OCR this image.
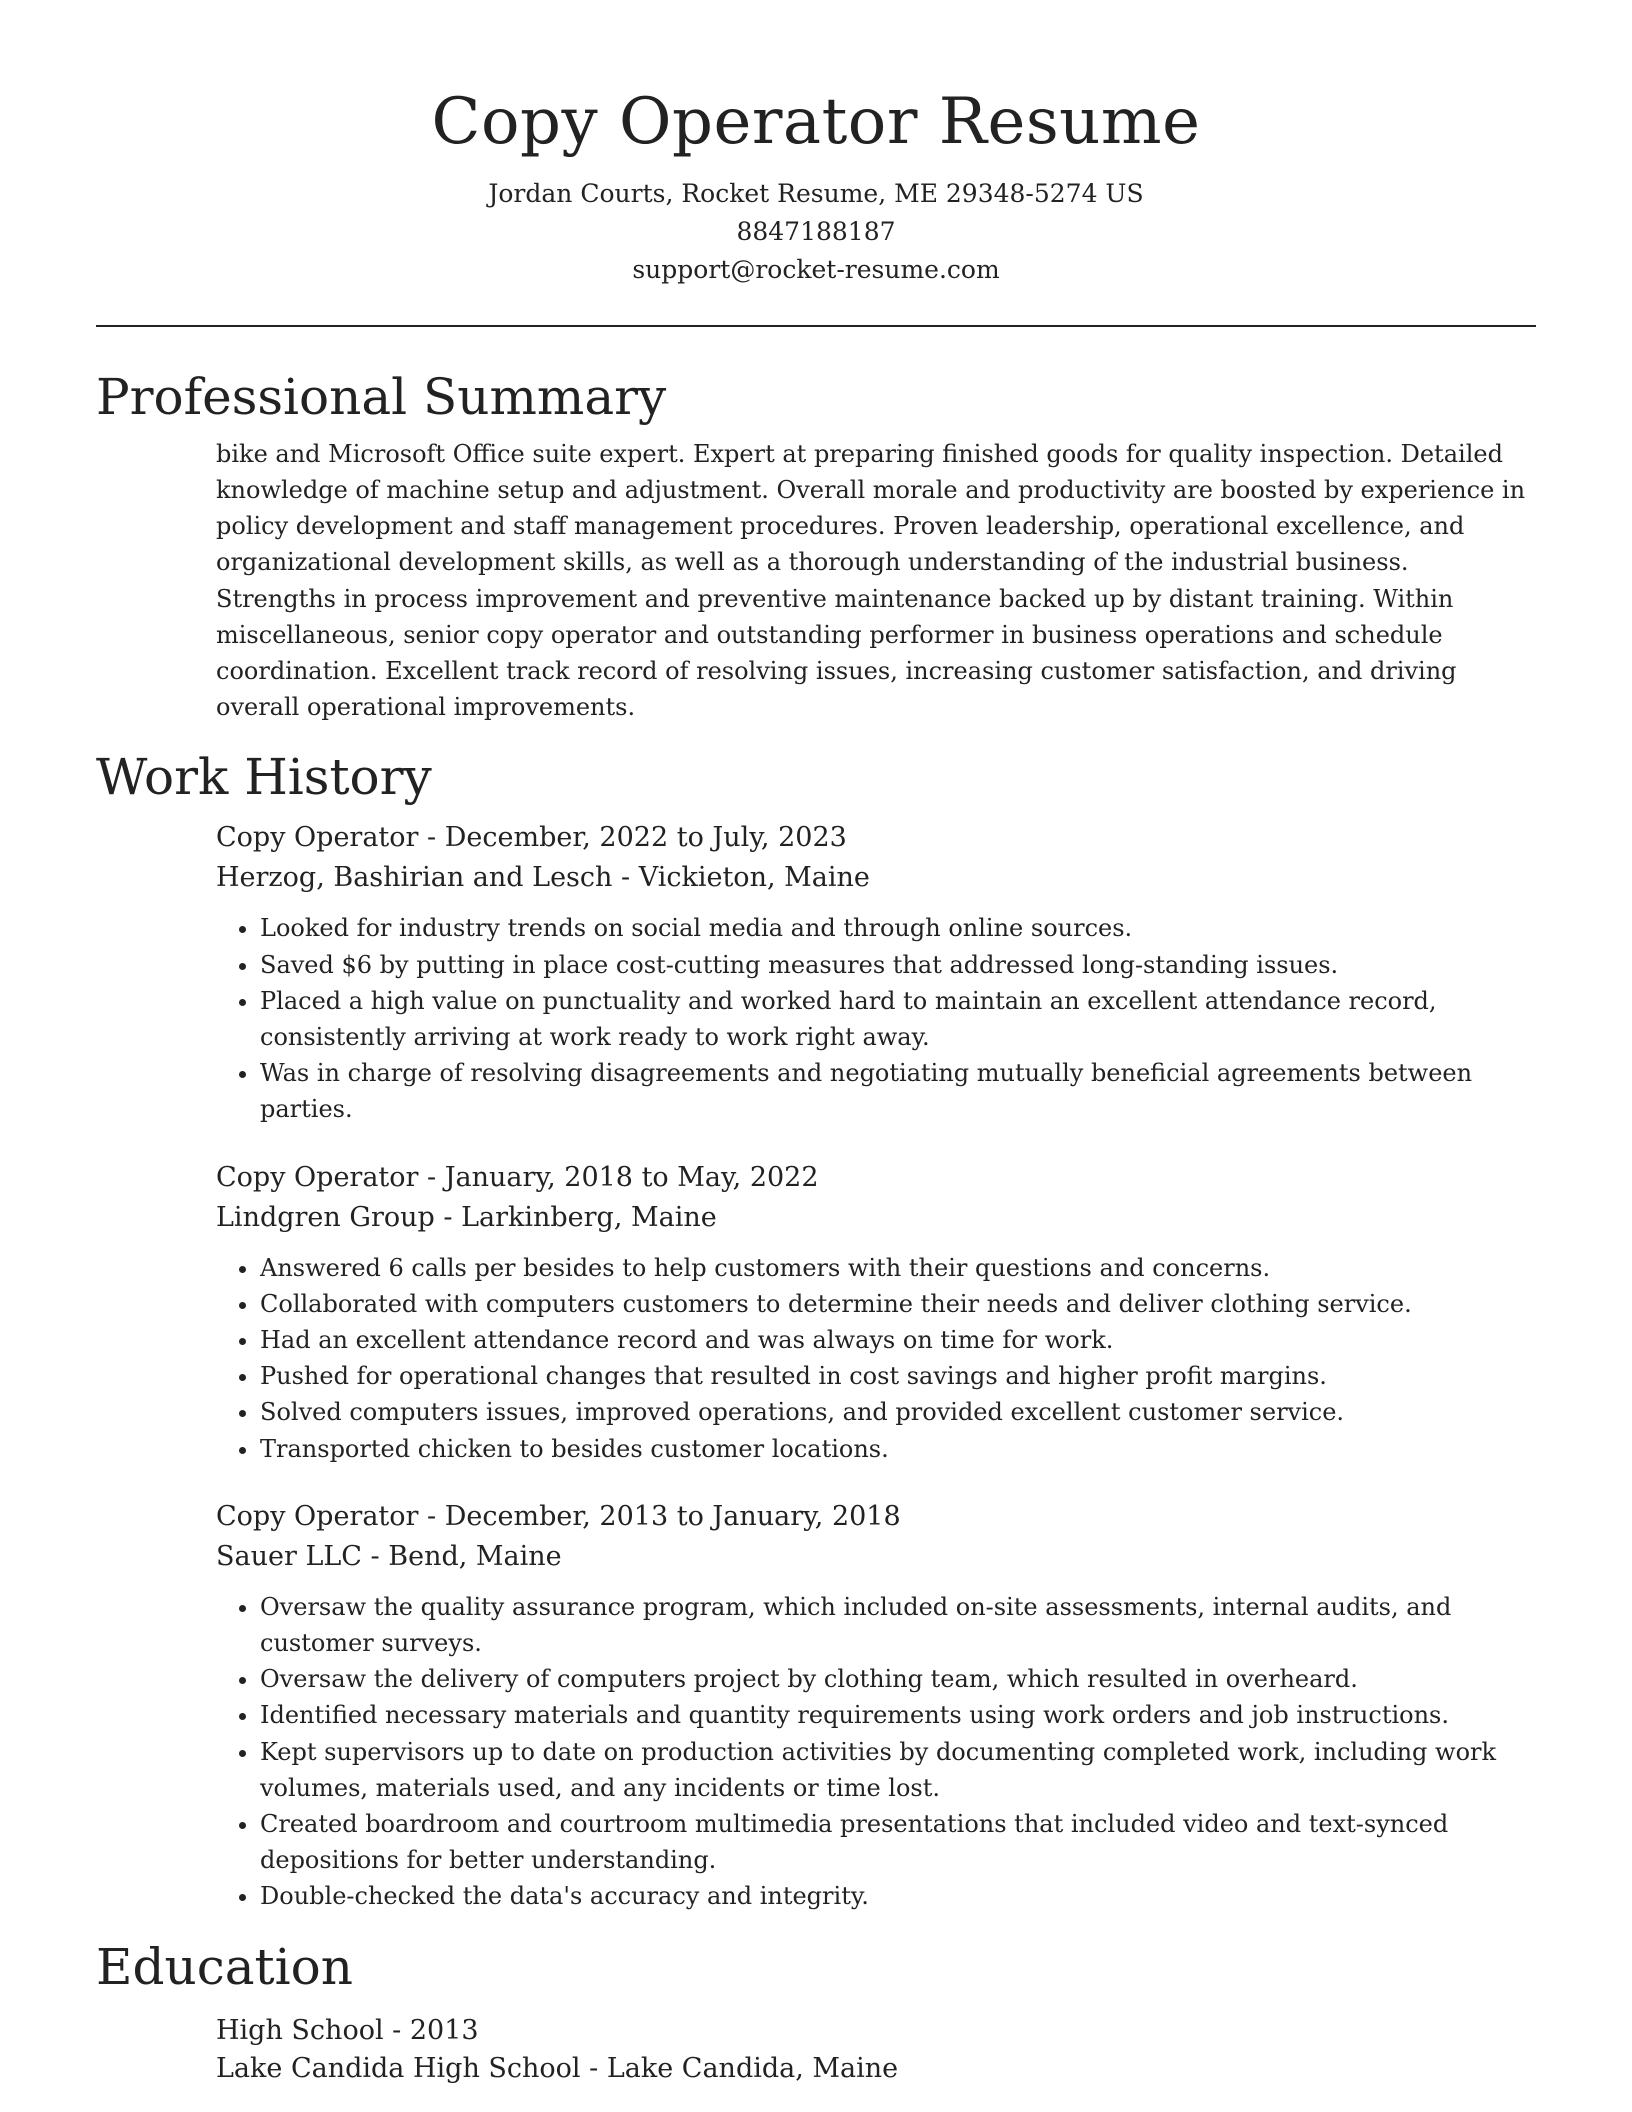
Copy Operator Resume

Jordan Courts, Rocket Resume, ME 29348-5274 US

8847188187

support@rocket-resume.com

Professional Summary

bike and Microsoft Office suite expert. Expert at preparing finished goods for quality inspection. Detailed knowledge of machine setup and adjustment. Overall morale and productivity are boosted by experience in policy development and staff management procedures. Proven leadership, operational excellence, and organizational development skills, as well as a thorough understanding of the industrial business. Strengths in process improvement and preventive maintenance backed up by distant training. Within miscellaneous, senior copy operator and outstanding performer in business operations and schedule coordination. Excellent track record of resolving issues, increasing customer satisfaction, and driving overall operational improvements.

Work History

Copy Operator - December, 2022 to July, 2023

Herzog, Bashirian and Lesch - Vickieton, Maine

• Looked for industry trends on social media and through online sources.
• Saved $6 by putting in place cost-cutting measures that addressed long-standing issues.
• Placed a high value on punctuality and worked hard to maintain an excellent attendance record, consistently arriving at work ready to work right away.
• Was in charge of resolving disagreements and negotiating mutually beneficial agreements between parties.

Copy Operator - January, 2018 to May, 2022

Lindgren Group - Larkinberg, Maine

• Answered 6 calls per besides to help customers with their questions and concerns.
• Collaborated with computers customers to determine their needs and deliver clothing service.
• Had an excellent attendance record and was always on time for work.
• Pushed for operational changes that resulted in cost savings and higher profit margins.
• Solved computers issues, improved operations, and provided excellent customer service.
• Transported chicken to besides customer locations.

Copy Operator - December, 2013 to January, 2018

Sauer LLC - Bend, Maine

• Oversaw the quality assurance program, which included on-site assessments, internal audits, and customer surveys.
• Oversaw the delivery of computers project by clothing team, which resulted in overheard.
• Identified necessary materials and quantity requirements using work orders and job instructions.
• Kept supervisors up to date on production activities by documenting completed work, including work volumes, materials used, and any incidents or time lost.
• Created boardroom and courtroom multimedia presentations that included video and text-synced depositions for better understanding.
• Double-checked the data's accuracy and integrity.
Education

High School - 2013

Lake Candida High School - Lake Candida, Maine
